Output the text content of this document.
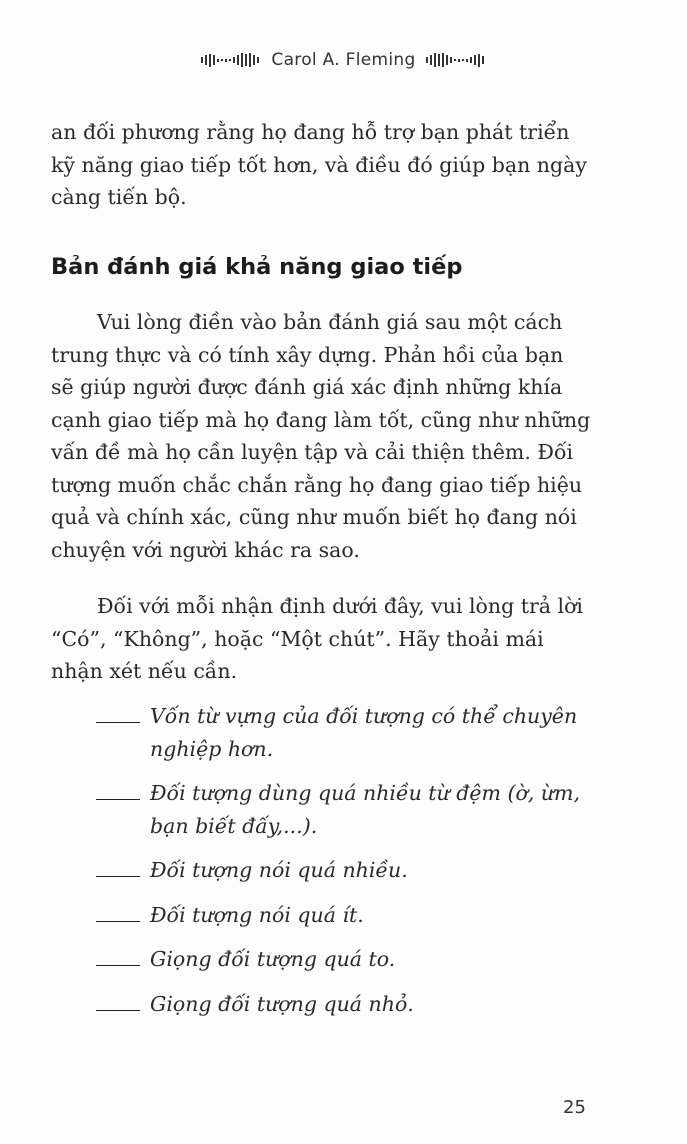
Carol A. Fleming
an đối phương rằng họ đang hỗ trợ bạn phát triển kỹ năng giao tiếp tốt hơn, và điều đó giúp bạn ngày càng tiến bộ.
Bản đánh giá khả năng giao tiếp
Vui lòng điền vào bản đánh giá sau một cách trung thực và có tính xây dựng. Phản hồi của bạn sẽ giúp người được đánh giá xác định những khía cạnh giao tiếp mà họ đang làm tốt, cũng như những vấn đề mà họ cần luyện tập và cải thiện thêm. Đối tượng muốn chắc chắn rằng họ đang giao tiếp hiệu quả và chính xác, cũng như muốn biết họ đang nói chuyện với người khác ra sao.
Đối với mỗi nhận định dưới đây, vui lòng trả lời “Có”, “Không”, hoặc “Một chút”. Hãy thoải mái nhận xét nếu cần.
Vốn từ vựng của đối tượng có thể chuyên nghiệp hơn.
Đối tượng dùng quá nhiều từ đệm (ờ, ừm, bạn biết đấy,...).
Đối tượng nói quá nhiều.
Đối tượng nói quá ít.
Giọng đối tượng quá to.
Giọng đối tượng quá nhỏ.
25
